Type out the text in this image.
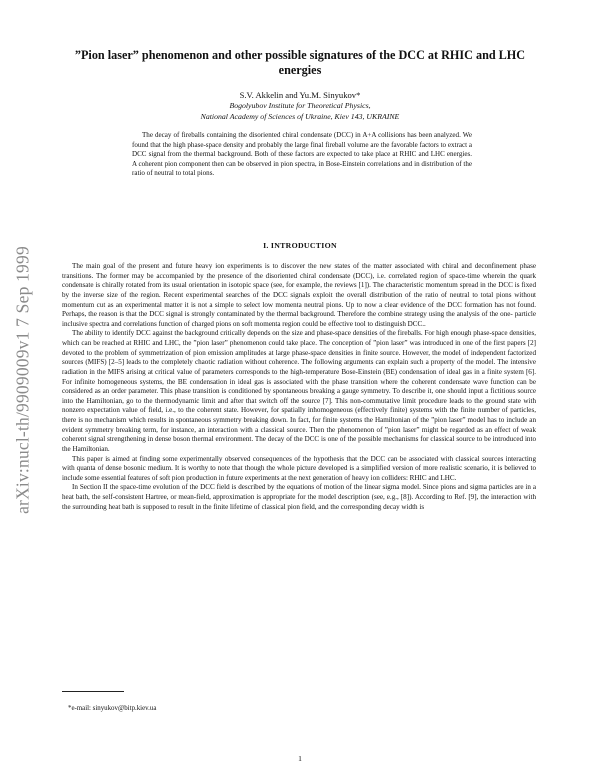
arXiv:nucl-th/9909009v1 7 Sep 1999
”Pion laser” phenomenon and other possible signatures of the DCC at RHIC and LHC energies
S.V. Akkelin and Yu.M. Sinyukov*
Bogolyubov Institute for Theoretical Physics,
National Academy of Sciences of Ukraine, Kiev 143, UKRAINE

The decay of fireballs containing the disoriented chiral condensate (DCC) in A+A collisions has been analyzed. We found that the high phase-space density and probably the large final fireball volume are the favorable factors to extract a DCC signal from the thermal background. Both of these factors are expected to take place at RHIC and LHC energies. A coherent pion component then can be observed in pion spectra, in Bose-Einstein correlations and in distribution of the ratio of neutral to total pions.

I. INTRODUCTION

The main goal of the present and future heavy ion experiments is to discover the new states of the matter associated with chiral and deconfinement phase transitions. The former may be accompanied by the presence of the disoriented chiral condensate (DCC), i.e. correlated region of space-time wherein the quark condensate is chirally rotated from its usual orientation in isotopic space (see, for example, the reviews [1]). The characteristic momentum spread in the DCC is fixed by the inverse size of the region. Recent experimental searches of the DCC signals exploit the overall distribution of the ratio of neutral to total pions without momentum cut as an experimental matter it is not a simple to select low momenta neutral pions. Up to now a clear evidence of the DCC formation has not found. Perhaps, the reason is that the DCC signal is strongly contaminated by the thermal background. Therefore the combine strategy using the analysis of the one- particle inclusive spectra and correlations function of charged pions on soft momenta region could be effective tool to distinguish DCC..

The ability to identify DCC against the background critically depends on the size and phase-space densities of the fireballs. For high enough phase-space densities, which can be reached at RHIC and LHC, the ”pion laser” phenomenon could take place. The conception of ”pion laser” was introduced in one of the first papers [2] devoted to the problem of symmetrization of pion emission amplitudes at large phase-space densities in finite source. However, the model of independent factorized sources (MIFS) [2–5] leads to the completely chaotic radiation without coherence. The following arguments can explain such a property of the model. The intensive radiation in the MIFS arising at critical value of parameters corresponds to the high-temperature Bose-Einstein (BE) condensation of ideal gas in a finite system [6]. For infinite homogeneous systems, the BE condensation in ideal gas is associated with the phase transition where the coherent condensate wave function can be considered as an order parameter. This phase transition is conditioned by spontaneous breaking a gauge symmetry. To describe it, one should input a fictitious source into the Hamiltonian, go to the thermodynamic limit and after that switch off the source [7]. This non-commutative limit procedure leads to the ground state with nonzero expectation value of field, i.e., to the coherent state. However, for spatially inhomogeneous (effectively finite) systems with the finite number of particles, there is no mechanism which results in spontaneous symmetry breaking down. In fact, for finite systems the Hamiltonian of the ”pion laser” model has to include an evident symmetry breaking term, for instance, an interaction with a classical source. Then the phenomenon of ”pion laser” might be regarded as an effect of weak coherent signal strengthening in dense boson thermal environment. The decay of the DCC is one of the possible mechanisms for classical source to be introduced into the Hamiltonian.

This paper is aimed at finding some experimentally observed consequences of the hypothesis that the DCC can be associated with classical sources interacting with quanta of dense bosonic medium. It is worthy to note that though the whole picture developed is a simplified version of more realistic scenario, it is believed to include some essential features of soft pion production in future experiments at the next generation of heavy ion colliders: RHIC and LHC.

In Section II the space-time evolution of the DCC field is described by the equations of motion of the linear sigma model. Since pions and sigma particles are in a heat bath, the self-consistent Hartree, or mean-field, approximation is appropriate for the model description (see, e.g., [8]). According to Ref. [9], the interaction with the surrounding heat bath is supposed to result in the finite lifetime of classical pion field, and the corresponding decay width is

*e-mail: sinyukov@bitp.kiev.ua
1
